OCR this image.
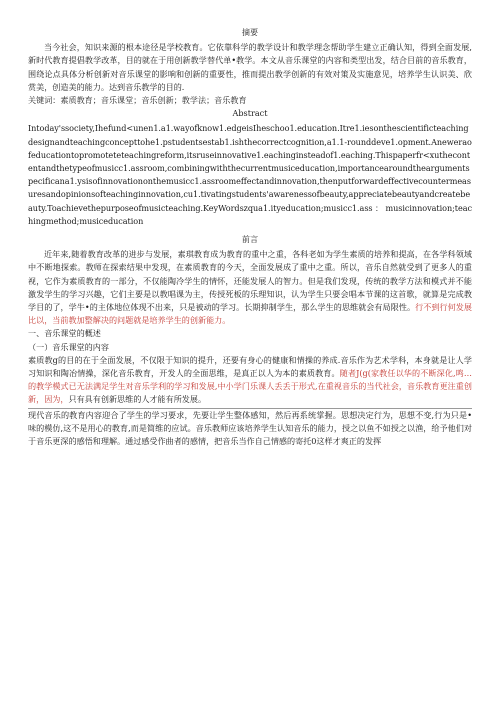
摘要

当今社会，知识来源的根本途径是学校教育。它依靠科学的教学设计和教学理念帮助学生建立正确认知，得到全面发展,新时代教育提倡教学改革，目的就在于用创新教学替代单•教学。本文从音乐课堂的内容和类型出发，结合目前的音乐教育，围绕论点具体分析创新对音乐课堂的影响和创新的重要性，推而提出教学创新的有效对策及实施意见，培养学生认识美、欣赏美，创造美的能力。达到音乐教学的目的.

关键词：素质教育；音乐课堂；音乐创新；教学法；音乐教育

Abstract

Intoday'ssociety,Ihefund<unen1.a1.wayofknow1.edgeisIheschoo1.education.Itre1.iesonthescientificteachingdesignandteachingconcepttohe1.pstudentsestab1.ishthecorrectcognition,a1.1-rounddeve1.opment.Aneweraofeducationtopromoteteteachingreform,itsruseinnovative1.eachinginsteadof1.eaching.Thispaperfr<xuthecontentandthetypeofmusicc1.assroom,combiningwiththecurrentmusiceducation,importancearoundtheargumentspecificana1.ysisofinnovationonthemusicc1.assroomeffectandinnovation,thenputforwardeffectivecountermeasuresandopinionsofteachinginnovation,cu1.tivatingstudents'awarenessofbeauty,appreciatebeautyandcreatebeauty.Toachievethepurposeofmusicteaching.KeyWordszqua1.ityeducation;musicc1.ass：musicinnovation;teachingmethod;musiceducation

前言

近年来,随着教育改革的进步与发展，素琪教育成为教育的重中之重，各科老如为学生素质的培养和提高，在各学科领域中不断地探索。教师在探索结果中发现，在素质教育的今天，全面发展成了重中之重。所以，音乐自然就受到了更多人的重视，它作为素质教育的一部分，不仅能陶冷学生的情怀，还能发展人的智力。但是我们发现，传统的教学方法和模式并不能激发学生的学习兴趣，它们主要是以教唱课为主，传授死板的乐理知识，认为学生只要会唱本节课的这首歌，就算是完成教学目的了，学牛•的主体地位体现不出来，只是被动的学习。长期抑制学生，那么学生的思维就会有局限性。行不到行何发展比以，当前教加整解决的问题就是培养学生的创新能力。

一、音乐课堂的概述

（一）音乐课堂的内容

素质教g的目的在于全面发展，不仅限于知识的提升，还要有身心的健康和情操的养成.音乐作为艺术学科，本身就是让人学习知识和陶冶情操，深化音乐教育，开发人的全面思维，是真正以人为本的素质教育。随者J(g(家教任以华的不断深化,鸣…的教学模式已无法满足学生对音乐学利的学习和发展,中小学门乐课人丢丢于形式,在重视音乐的当代社会，音乐教育更注重创新，因为，只有具有创新思维的人才能有所发展。

现代音乐的教育内容迎合了学生的学习要求，先要让学生整体感知，然后再系统掌握。思想决定行为，思想不变,行为只是•味的模仿,这不是用心的教育,而是简维的应试。音乐教师应该培养学生认知音乐的能力，授之以鱼不如授之以渔，给予他们对于音乐更深的感悟和理解。通过感受作曲者的感情，把音乐当作自己情感的寄托0这样才爽正的发挥
